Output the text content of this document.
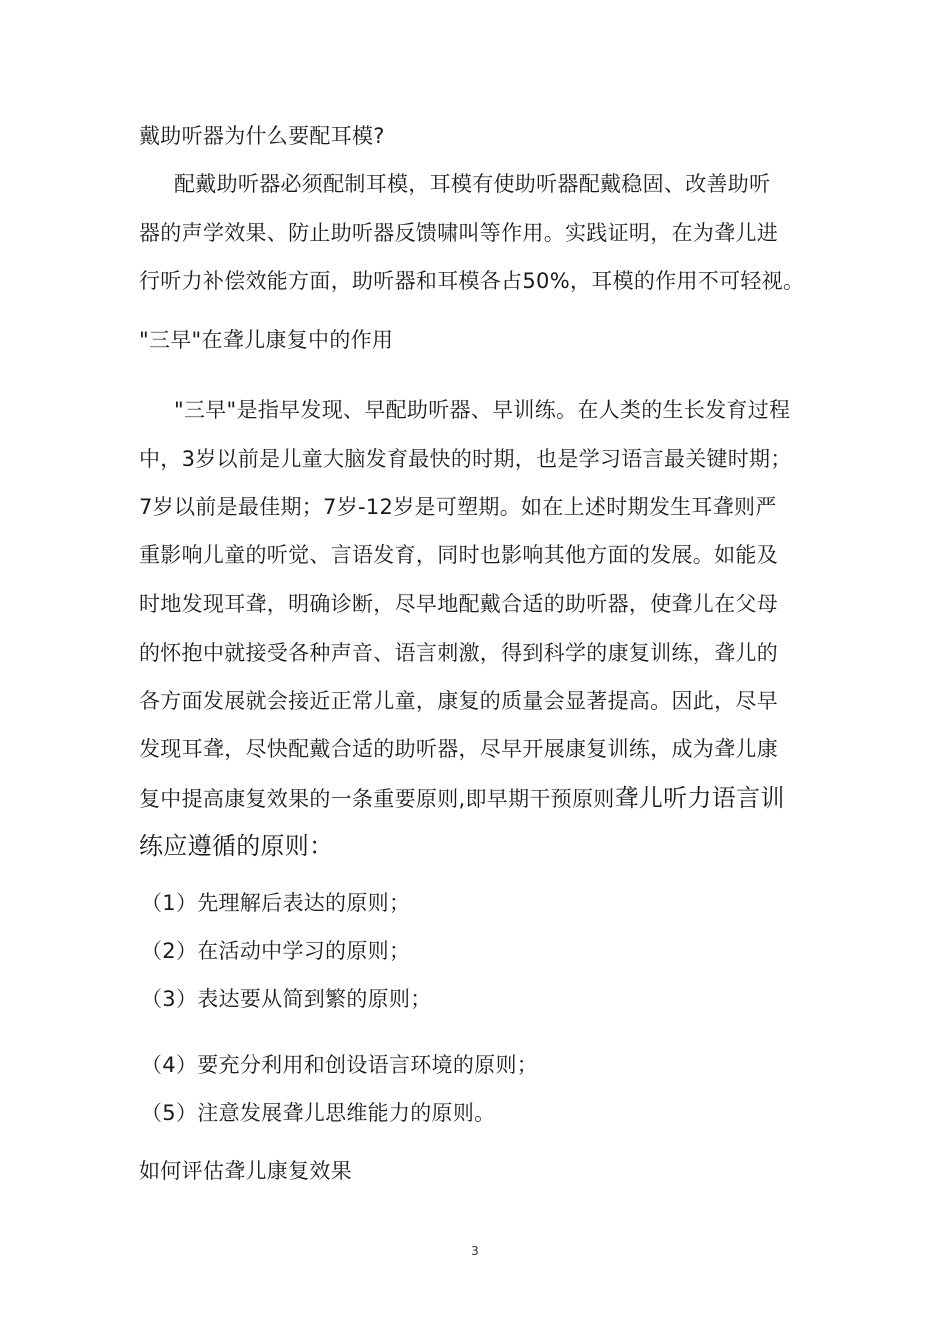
戴助听器为什么要配耳模?
配戴助听器必须配制耳模，耳模有使助听器配戴稳固、改善助听
器的声学效果、防止助听器反馈啸叫等作用。实践证明，在为聋儿进
行听力补偿效能方面，助听器和耳模各占50%，耳模的作用不可轻视。
"三早"在聋儿康复中的作用
"三早"是指早发现、早配助听器、早训练。在人类的生长发育过程
中，3岁以前是儿童大脑发育最快的时期，也是学习语言最关键时期；
7岁以前是最佳期；7岁-12岁是可塑期。如在上述时期发生耳聋则严
重影响儿童的听觉、言语发育，同时也影响其他方面的发展。如能及
时地发现耳聋，明确诊断，尽早地配戴合适的助听器，使聋儿在父母
的怀抱中就接受各种声音、语言刺激，得到科学的康复训练，聋儿的
各方面发展就会接近正常儿童，康复的质量会显著提高。因此，尽早
发现耳聋，尽快配戴合适的助听器，尽早开展康复训练，成为聋儿康
复中提高康复效果的一条重要原则,即早期干预原则聋儿听力语言训
练应遵循的原则：
（1）先理解后表达的原则；
（2）在活动中学习的原则；
（3）表达要从简到繁的原则；
（4）要充分利用和创设语言环境的原则；
（5）注意发展聋儿思维能力的原则。
如何评估聋儿康复效果
3
